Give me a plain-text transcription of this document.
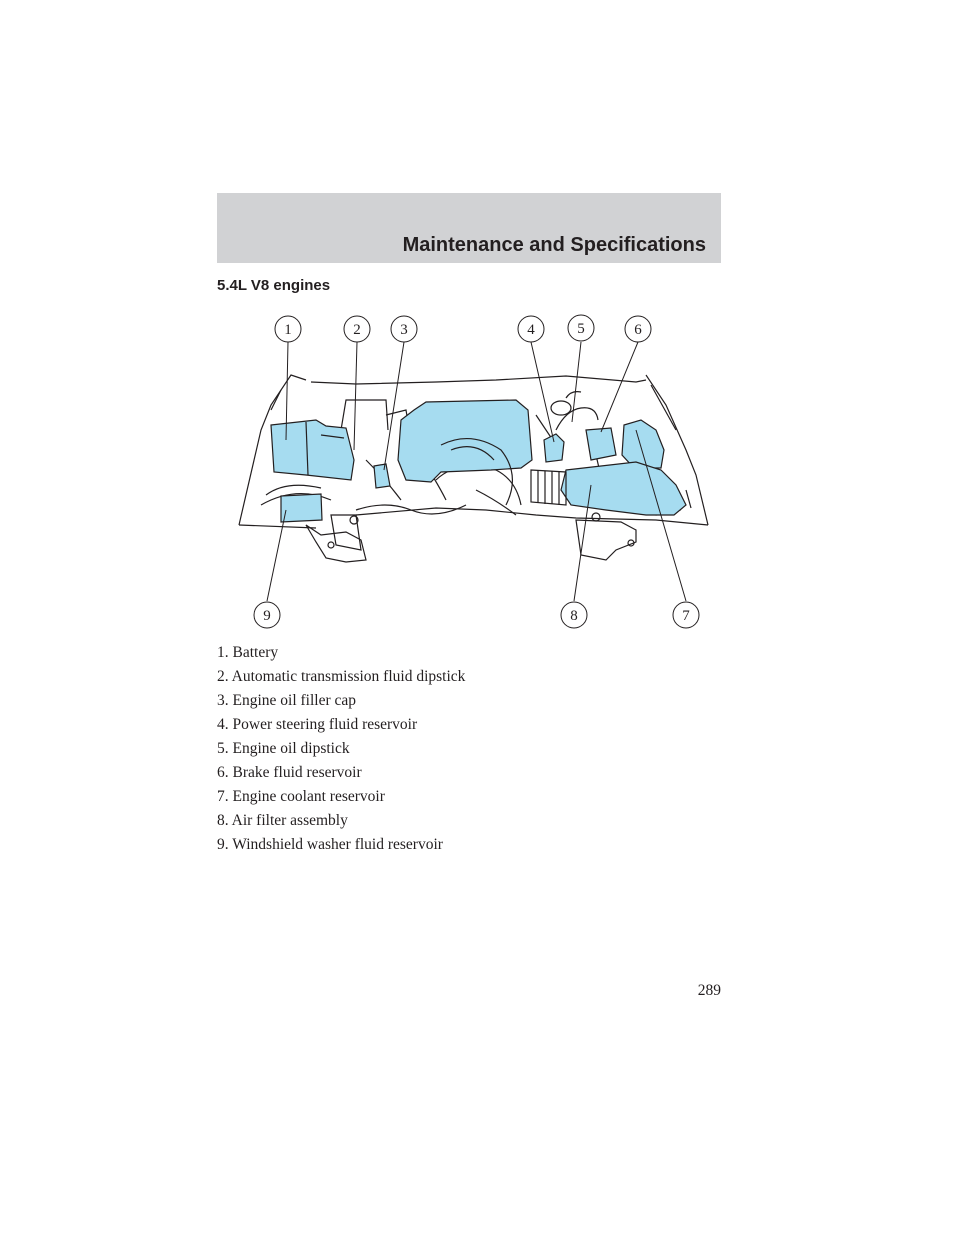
Maintenance and Specifications
5.4L V8 engines
1	2	3	4	5	6
7
8
9
1. Battery
2. Automatic transmission fluid dipstick
3. Engine oil filler cap
4. Power steering fluid reservoir
5. Engine oil dipstick
6. Brake fluid reservoir
7. Engine coolant reservoir
8. Air filter assembly
9. Windshield washer fluid reservoir
289
